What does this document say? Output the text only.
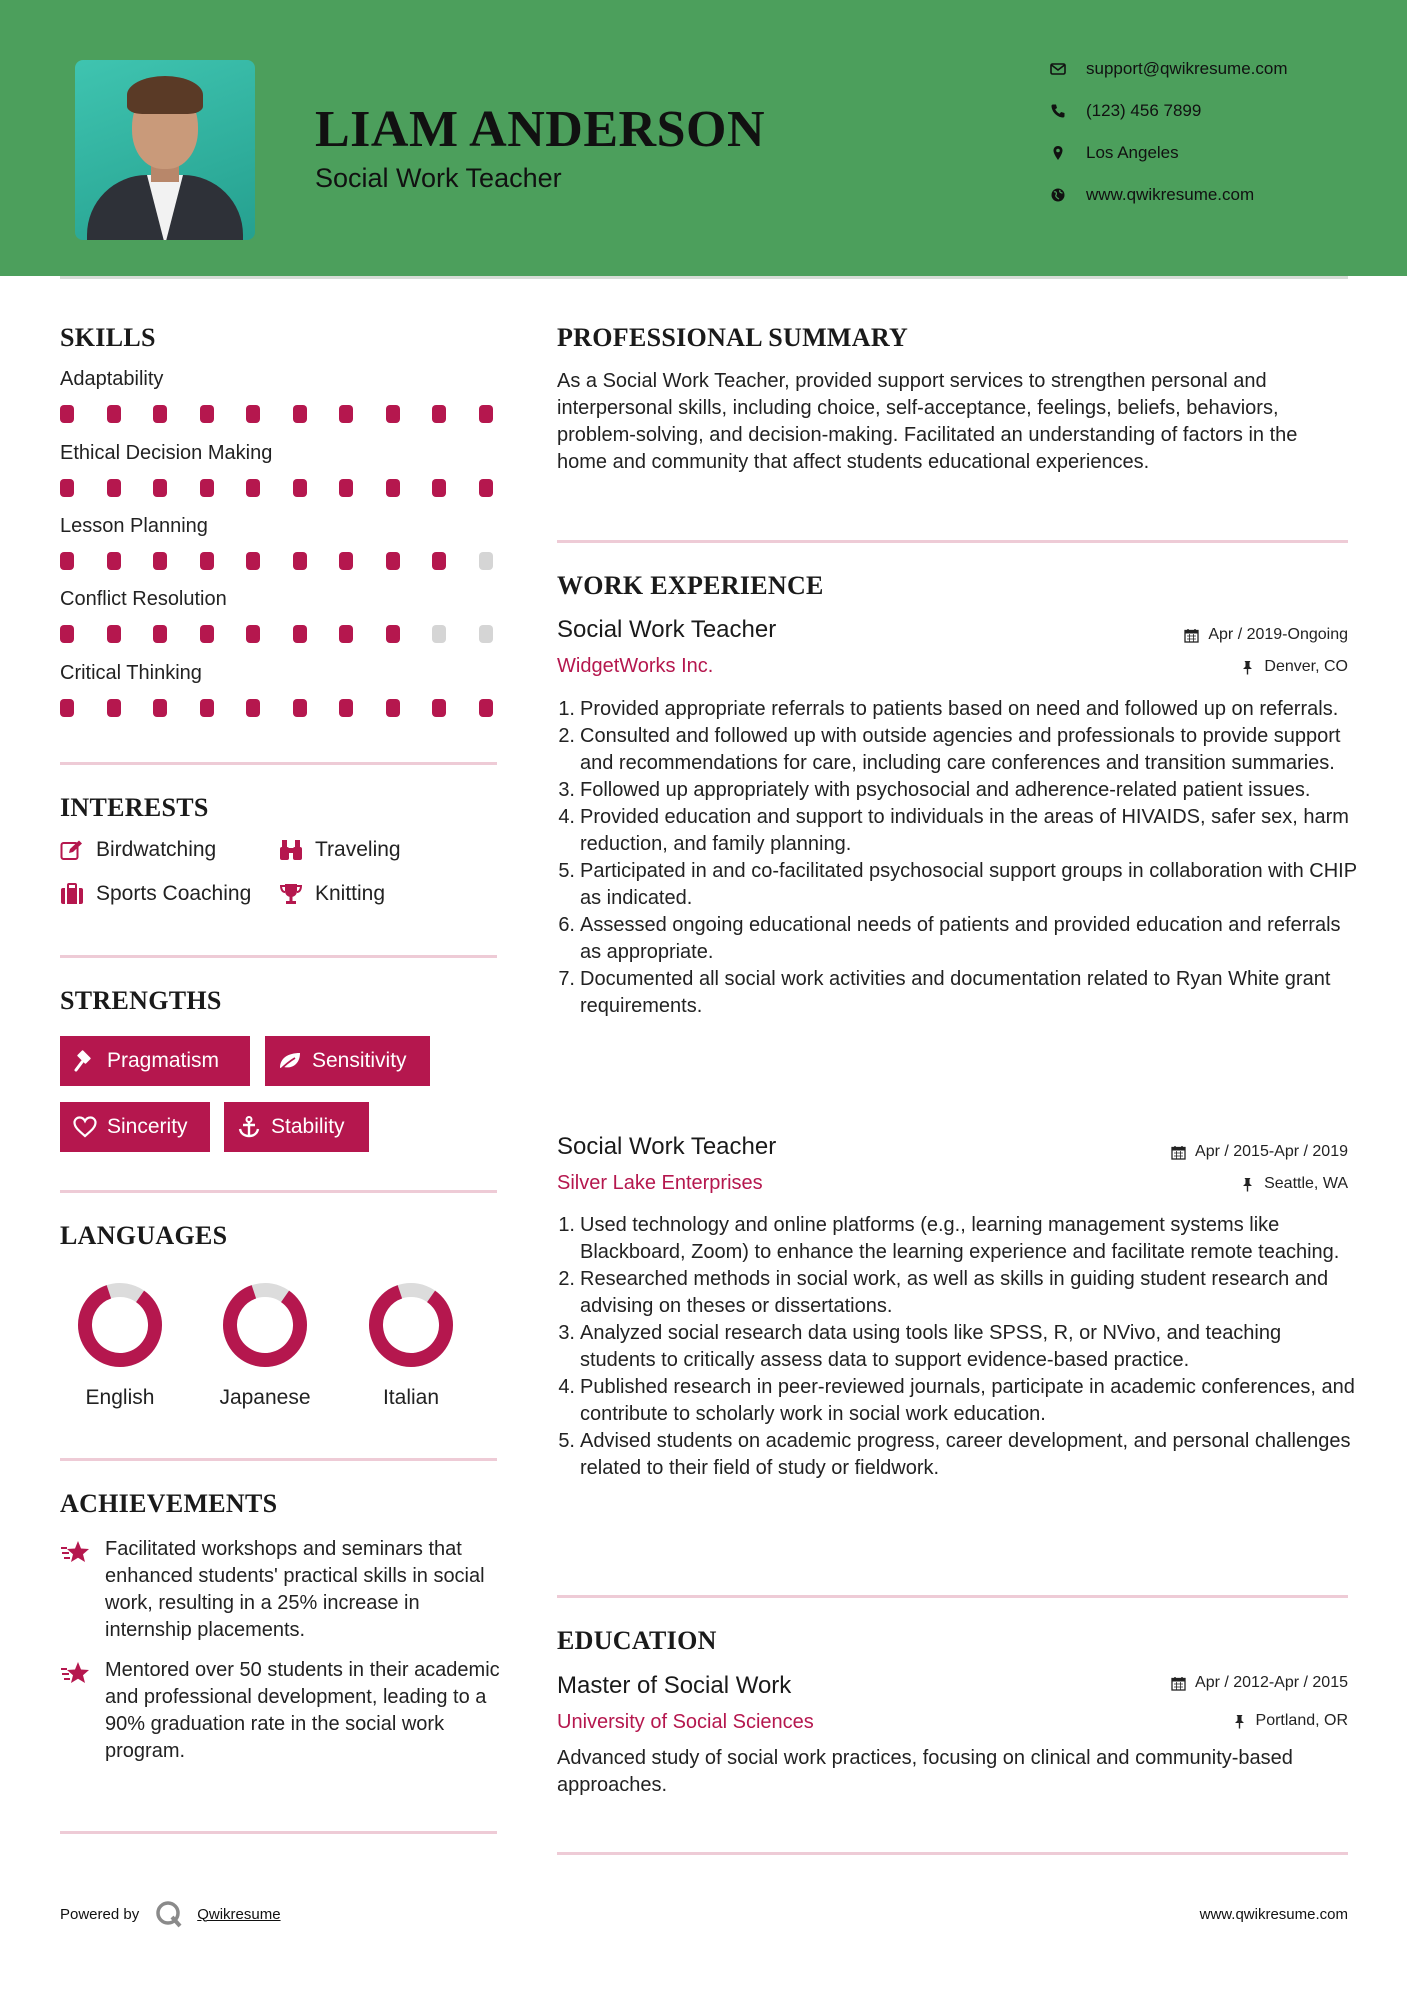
LIAM ANDERSON
Social Work Teacher
support@qwikresume.com
(123) 456 7899
Los Angeles
www.qwikresume.com
SKILLS
Adaptability
Ethical Decision Making
Lesson Planning
Conflict Resolution
Critical Thinking
INTERESTS
Birdwatching	Traveling
Sports Coaching	Knitting
STRENGTHS
Pragmatism	Sensitivity
Sincerity	Stability
LANGUAGES
English	Japanese	Italian
ACHIEVEMENTS
Facilitated workshops and seminars that enhanced students' practical skills in social work, resulting in a 25% increase in internship placements.
Mentored over 50 students in their academic and professional development, leading to a 90% graduation rate in the social work program.
PROFESSIONAL SUMMARY
As a Social Work Teacher, provided support services to strengthen personal and interpersonal skills, including choice, self-acceptance, feelings, beliefs, behaviors, problem-solving, and decision-making. Facilitated an understanding of factors in the home and community that affect students educational experiences.
WORK EXPERIENCE
Social Work Teacher	Apr / 2019-Ongoing
WidgetWorks Inc.	Denver, CO
1. Provided appropriate referrals to patients based on need and followed up on referrals.
2. Consulted and followed up with outside agencies and professionals to provide support and recommendations for care, including care conferences and transition summaries.
3. Followed up appropriately with psychosocial and adherence-related patient issues.
4. Provided education and support to individuals in the areas of HIVAIDS, safer sex, harm reduction, and family planning.
5. Participated in and co-facilitated psychosocial support groups in collaboration with CHIP as indicated.
6. Assessed ongoing educational needs of patients and provided education and referrals as appropriate.
7. Documented all social work activities and documentation related to Ryan White grant requirements.
Social Work Teacher	Apr / 2015-Apr / 2019
Silver Lake Enterprises	Seattle, WA
1. Used technology and online platforms (e.g., learning management systems like Blackboard, Zoom) to enhance the learning experience and facilitate remote teaching.
2. Researched methods in social work, as well as skills in guiding student research and advising on theses or dissertations.
3. Analyzed social research data using tools like SPSS, R, or NVivo, and teaching students to critically assess data to support evidence-based practice.
4. Published research in peer-reviewed journals, participate in academic conferences, and contribute to scholarly work in social work education.
5. Advised students on academic progress, career development, and personal challenges related to their field of study or fieldwork.
EDUCATION
Master of Social Work	Apr / 2012-Apr / 2015
University of Social Sciences	Portland, OR
Advanced study of social work practices, focusing on clinical and community-based approaches.
Powered by	Qwikresume	www.qwikresume.com
